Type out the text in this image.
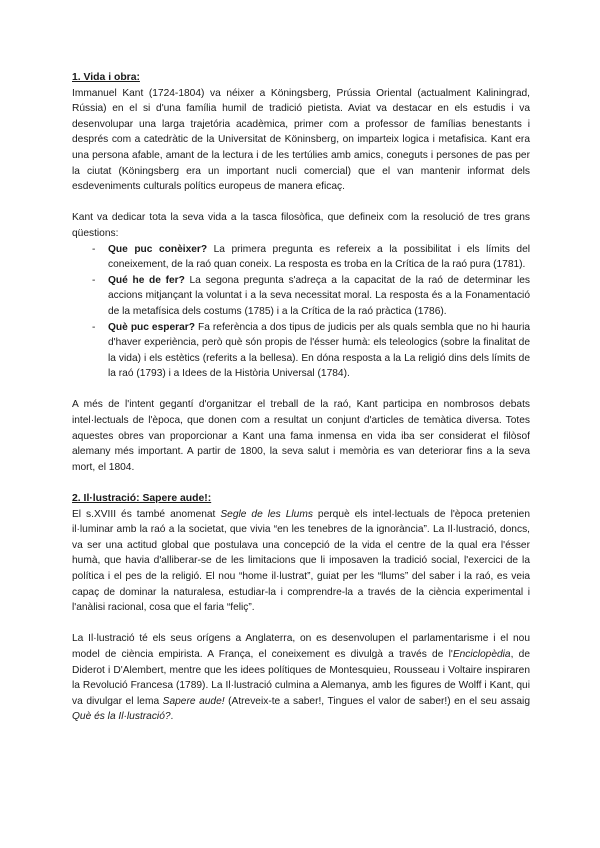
1. Vida i obra:

Immanuel Kant (1724-1804) va néixer a Köningsberg, Prússia Oriental (actualment Kaliningrad, Rússia) en el si d'una família humil de tradició pietista. Aviat va destacar en els estudis i va desenvolupar una larga trajetória acadèmica, primer com a professor de famílias benestants i després com a catedràtic de la Universitat de Köninsberg, on imparteix logica i metafisica. Kant era una persona afable, amant de la lectura i de les tertúlies amb amics, coneguts i persones de pas per la ciutat (Köningsberg era un important nucli comercial) que el van mantenir informat dels esdeveniments culturals polítics europeus de manera eficaç.

Kant va dedicar tota la seva vida a la tasca filosòfica, que defineix com la resolució de tres grans qüestions:

- Que puc conèixer? La primera pregunta es refereix a la possibilitat i els límits del coneixement, de la raó quan coneix. La resposta es troba en la Crítica de la raó pura (1781).
- Qué he de fer? La segona pregunta s'adreça a la capacitat de la raó de determinar les accions mitjançant la voluntat i a la seva necessitat moral. La resposta és a la Fonamentació de la metafísica dels costums (1785) i a la Crítica de la raó pràctica (1786).
- Què puc esperar? Fa referència a dos tipus de judicis per als quals sembla que no hi hauria d'haver experiència, però què són propis de l'ésser humà: els teleologics (sobre la finalitat de la vida) i els estètics (referits a la bellesa). En dóna resposta a la La religió dins dels límits de la raó (1793) i a Idees de la Història Universal (1784).

A més de l'intent gegantí d'organitzar el treball de la raó, Kant participa en nombrosos debats intel·lectuals de l'època, que donen com a resultat un conjunt d'articles de temàtica diversa. Totes aquestes obres van proporcionar a Kant una fama inmensa en vida iba ser considerat el filòsof alemany més important. A partir de 1800, la seva salut i memòria es van deteriorar fins a la seva mort, el 1804.

2. Il·lustració: Sapere aude!:

El s.XVIII és també anomenat Segle de les Llums perquè els intel·lectuals de l'època pretenien il·luminar amb la raó a la societat, que vivia “en les tenebres de la ignorància”. La Il·lustració, doncs, va ser una actitud global que postulava una concepció de la vida el centre de la qual era l'ésser humà, que havia d'alliberar-se de les limitacions que li imposaven la tradició social, l'exercici de la política i el pes de la religió. El nou “home il·lustrat”, guiat per les “llums” del saber i la raó, es veia capaç de dominar la naturalesa, estudiar-la i comprendre-la a través de la ciència experimental i l'anàlisi racional, cosa que el faria “feliç”.

La Il·lustració té els seus orígens a Anglaterra, on es desenvolupen el parlamentarisme i el nou model de ciència empirista. A França, el coneixement es divulgà a través de l'Enciclopèdia, de Diderot i D'Alembert, mentre que les idees polítiques de Montesquieu, Rousseau i Voltaire inspiraren la Revolució Francesa (1789). La Il·lustració culmina a Alemanya, amb les figures de Wolff i Kant, qui va divulgar el lema Sapere aude! (Atreveix-te a saber!, Tingues el valor de saber!) en el seu assaig Què és la Il·lustració?.
